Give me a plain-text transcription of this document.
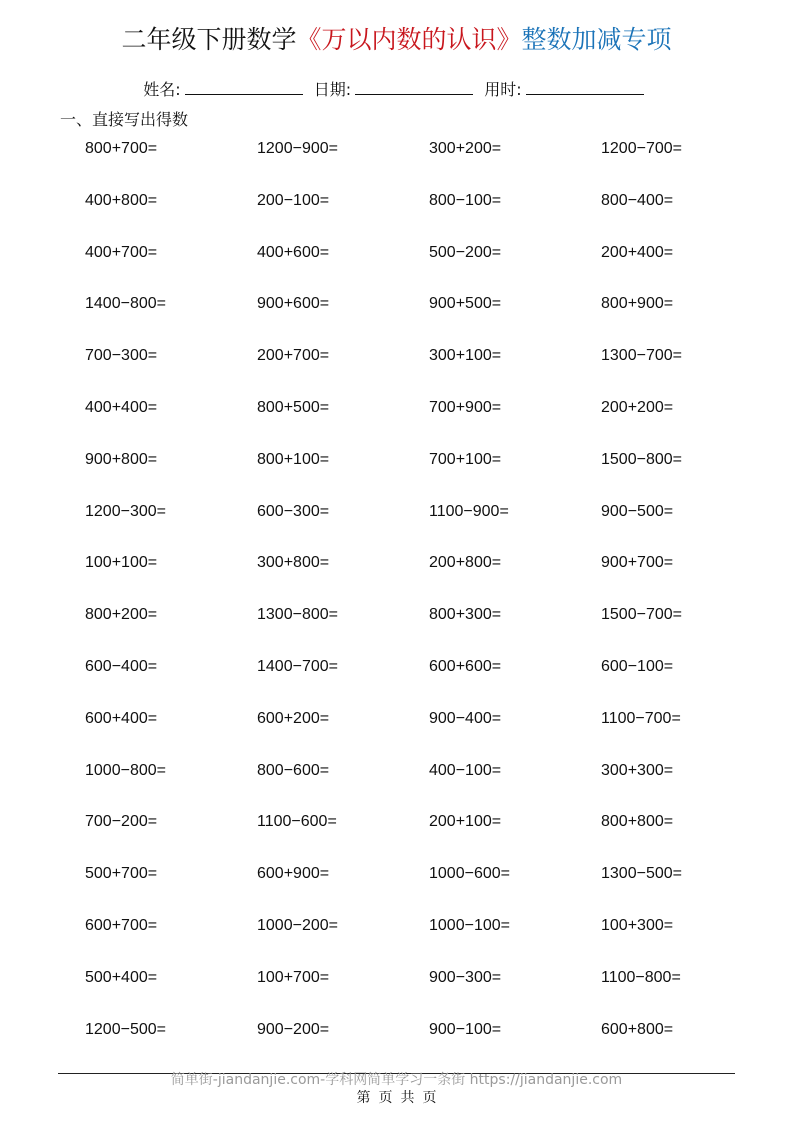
二年级下册数学《万以内数的认识》整数加减专项
姓名:	日期:	用时:
一、直接写出得数
800+700=	1200−900=	300+200=	1200−700=
400+800=	200−100=	800−100=	800−400=
400+700=	400+600=	500−200=	200+400=
1400−800=	900+600=	900+500=	800+900=
700−300=	200+700=	300+100=	1300−700=
400+400=	800+500=	700+900=	200+200=
900+800=	800+100=	700+100=	1500−800=
1200−300=	600−300=	1100−900=	900−500=
100+100=	300+800=	200+800=	900+700=
800+200=	1300−800=	800+300=	1500−700=
600−400=	1400−700=	600+600=	600−100=
600+400=	600+200=	900−400=	1100−700=
1000−800=	800−600=	400−100=	300+300=
700−200=	1100−600=	200+100=	800+800=
500+700=	600+900=	1000−600=	1300−500=
600+700=	1000−200=	1000−100=	100+300=
500+400=	100+700=	900−300=	1100−800=
1200−500=	900−200=	900−100=	600+800=
简单街-jiandanjie.com-学科网简单学习一条街 https://jiandanjie.com
第 页 共 页
